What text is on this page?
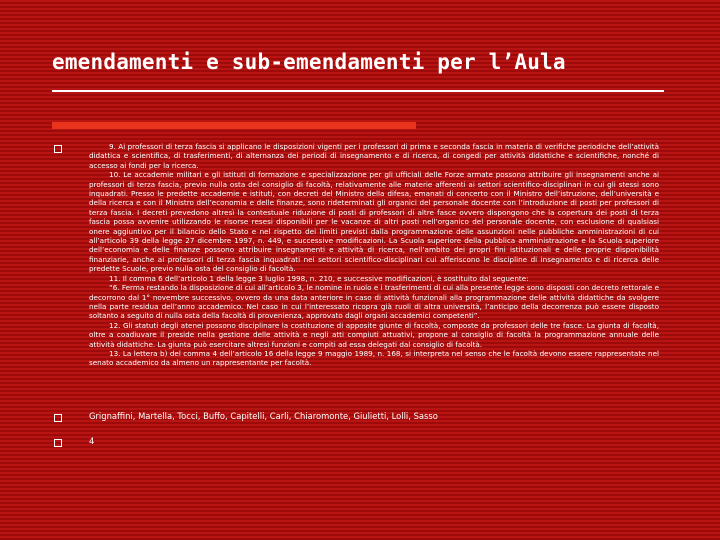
emendamenti e sub-emendamenti per l’Aula

9. Ai professori di terza fascia si applicano le disposizioni vigenti per i professori di prima e seconda fascia in materia di verifiche periodiche dell’attività didattica e scientifica, di trasferimenti, di alternanza dei periodi di insegnamento e di ricerca, di congedi per attività didattiche e scientifiche, nonché di accesso ai fondi per la ricerca.

10. Le accademie militari e gli istituti di formazione e specializzazione per gli ufficiali delle Forze armate possono attribuire gli insegnamenti anche ai professori di terza fascia, previo nulla osta del consiglio di facoltà, relativamente alle materie afferenti ai settori scientifico-disciplinari in cui gli stessi sono inquadrati. Presso le predette accademie e istituti, con decreti del Ministro della difesa, emanati di concerto con il Ministro dell’istruzione, dell’università e della ricerca e con il Ministro dell’economia e delle finanze, sono rideterminati gli organici del personale docente con l’introduzione di posti per professori di terza fascia. I decreti prevedono altresì la contestuale riduzione di posti di professori di altre fasce ovvero dispongono che la copertura dei posti di terza fascia possa avvenire utilizzando le risorse resesi disponibili per le vacanze di altri posti nell’organico del personale docente, con esclusione di qualsiasi onere aggiuntivo per il bilancio dello Stato e nel rispetto dei limiti previsti dalla programmazione delle assunzioni nelle pubbliche amministrazioni di cui all’articolo 39 della legge 27 dicembre 1997, n. 449, e successive modificazioni. La Scuola superiore della pubblica amministrazione e la Scuola superiore dell’economia e delle finanze possono attribuire insegnamenti e attività di ricerca, nell’ambito dei propri fini istituzionali e delle proprie disponibilità finanziarie, anche ai professori di terza fascia inquadrati nei settori scientifico-disciplinari cui afferiscono le discipline di insegnamento e di ricerca delle predette Scuole, previo nulla osta del consiglio di facoltà.

11. Il comma 6 dell’articolo 1 della legge 3 luglio 1998, n. 210, e successive modificazioni, è sostituito dal seguente:

“6. Ferma restando la disposizione di cui all’articolo 3, le nomine in ruolo e i trasferimenti di cui alla presente legge sono disposti con decreto rettorale e decorrono dal 1° novembre successivo, ovvero da una data anteriore in caso di attività funzionali alla programmazione delle attività didattiche da svolgere nella parte residua dell’anno accademico. Nel caso in cui l’interessato ricopra già ruoli di altra università, l’anticipo della decorrenza può essere disposto soltanto a seguito di nulla osta della facoltà di provenienza, approvato dagli organi accademici competenti”.

12. Gli statuti degli atenei possono disciplinare la costituzione di apposite giunte di facoltà, composte da professori delle tre fasce. La giunta di facoltà, oltre a coadiuvare il preside nella gestione delle attività e negli atti compiuti attuativi, propone al consiglio di facoltà la programmazione annuale delle attività didattiche. La giunta può esercitare altresì funzioni e compiti ad essa delegati dal consiglio di facoltà.

13. La lettera b) del comma 4 dell’articolo 16 della legge 9 maggio 1989, n. 168, si interpreta nel senso che le facoltà devono essere rappresentate nel senato accademico da almeno un rappresentante per facoltà.

Grignaffini, Martella, Tocci, Buffo, Capitelli, Carli, Chiaromonte, Giulietti, Lolli, Sasso
4
